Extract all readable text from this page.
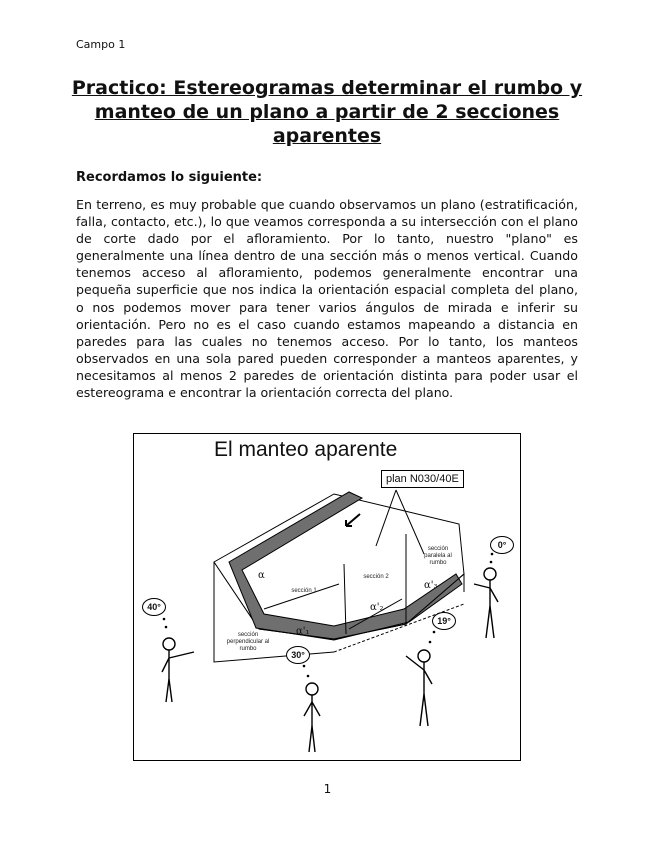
Campo 1
Practico: Estereogramas determinar el rumbo y manteo de un plano a partir de 2 secciones aparentes
Recordamos lo siguiente:

En terreno, es muy probable que cuando observamos un plano (estratificación, falla, contacto, etc.), lo que veamos corresponda a su intersección con el plano de corte dado por el afloramiento. Por lo tanto, nuestro "plano" es generalmente una línea dentro de una sección más o menos vertical. Cuando tenemos acceso al afloramiento, podemos generalmente encontrar una pequeña superficie que nos indica la orientación espacial completa del plano, o nos podemos mover para tener varios ángulos de mirada e inferir su orientación. Pero no es el caso cuando estamos mapeando a distancia en paredes para las cuales no tenemos acceso. Por lo tanto, los manteos observados en una sola pared pueden corresponder a manteos aparentes, y necesitamos al menos 2 paredes de orientación distinta para poder usar el estereograma e encontrar la orientación correcta del plano.

El manteo aparente
plan N030/40E
40°
30°
19°
0°
α
α'₁
α'₂
α'₃
sección 1
sección 2
sección perpendicular al rumbo
sección paralela al rumbo
1
